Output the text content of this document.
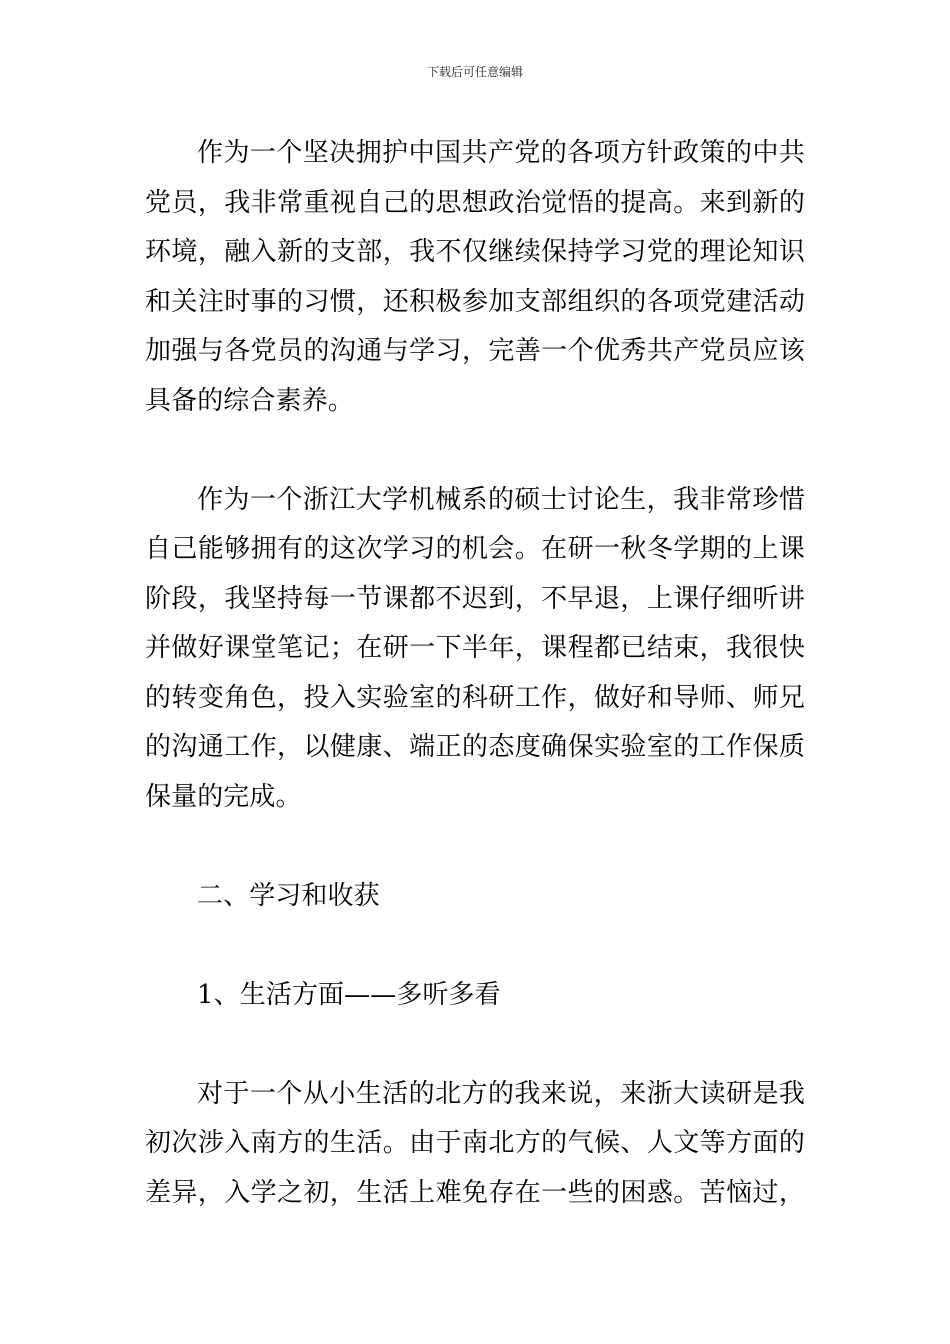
下载后可任意编辑
作为一个坚决拥护中国共产党的各项方针政策的中共
党员，我非常重视自己的思想政治觉悟的提高。来到新的
环境，融入新的支部，我不仅继续保持学习党的理论知识
和关注时事的习惯，还积极参加支部组织的各项党建活动
加强与各党员的沟通与学习，完善一个优秀共产党员应该
具备的综合素养。
作为一个浙江大学机械系的硕士讨论生，我非常珍惜
自己能够拥有的这次学习的机会。在研一秋冬学期的上课
阶段，我坚持每一节课都不迟到，不早退，上课仔细听讲
并做好课堂笔记；在研一下半年，课程都已结束，我很快
的转变角色，投入实验室的科研工作，做好和导师、师兄
的沟通工作，以健康、端正的态度确保实验室的工作保质
保量的完成。

二、学习和收获

1、生活方面——多听多看

对于一个从小生活的北方的我来说，来浙大读研是我
初次涉入南方的生活。由于南北方的气候、人文等方面的
差异，入学之初，生活上难免存在一些的困惑。苦恼过，
